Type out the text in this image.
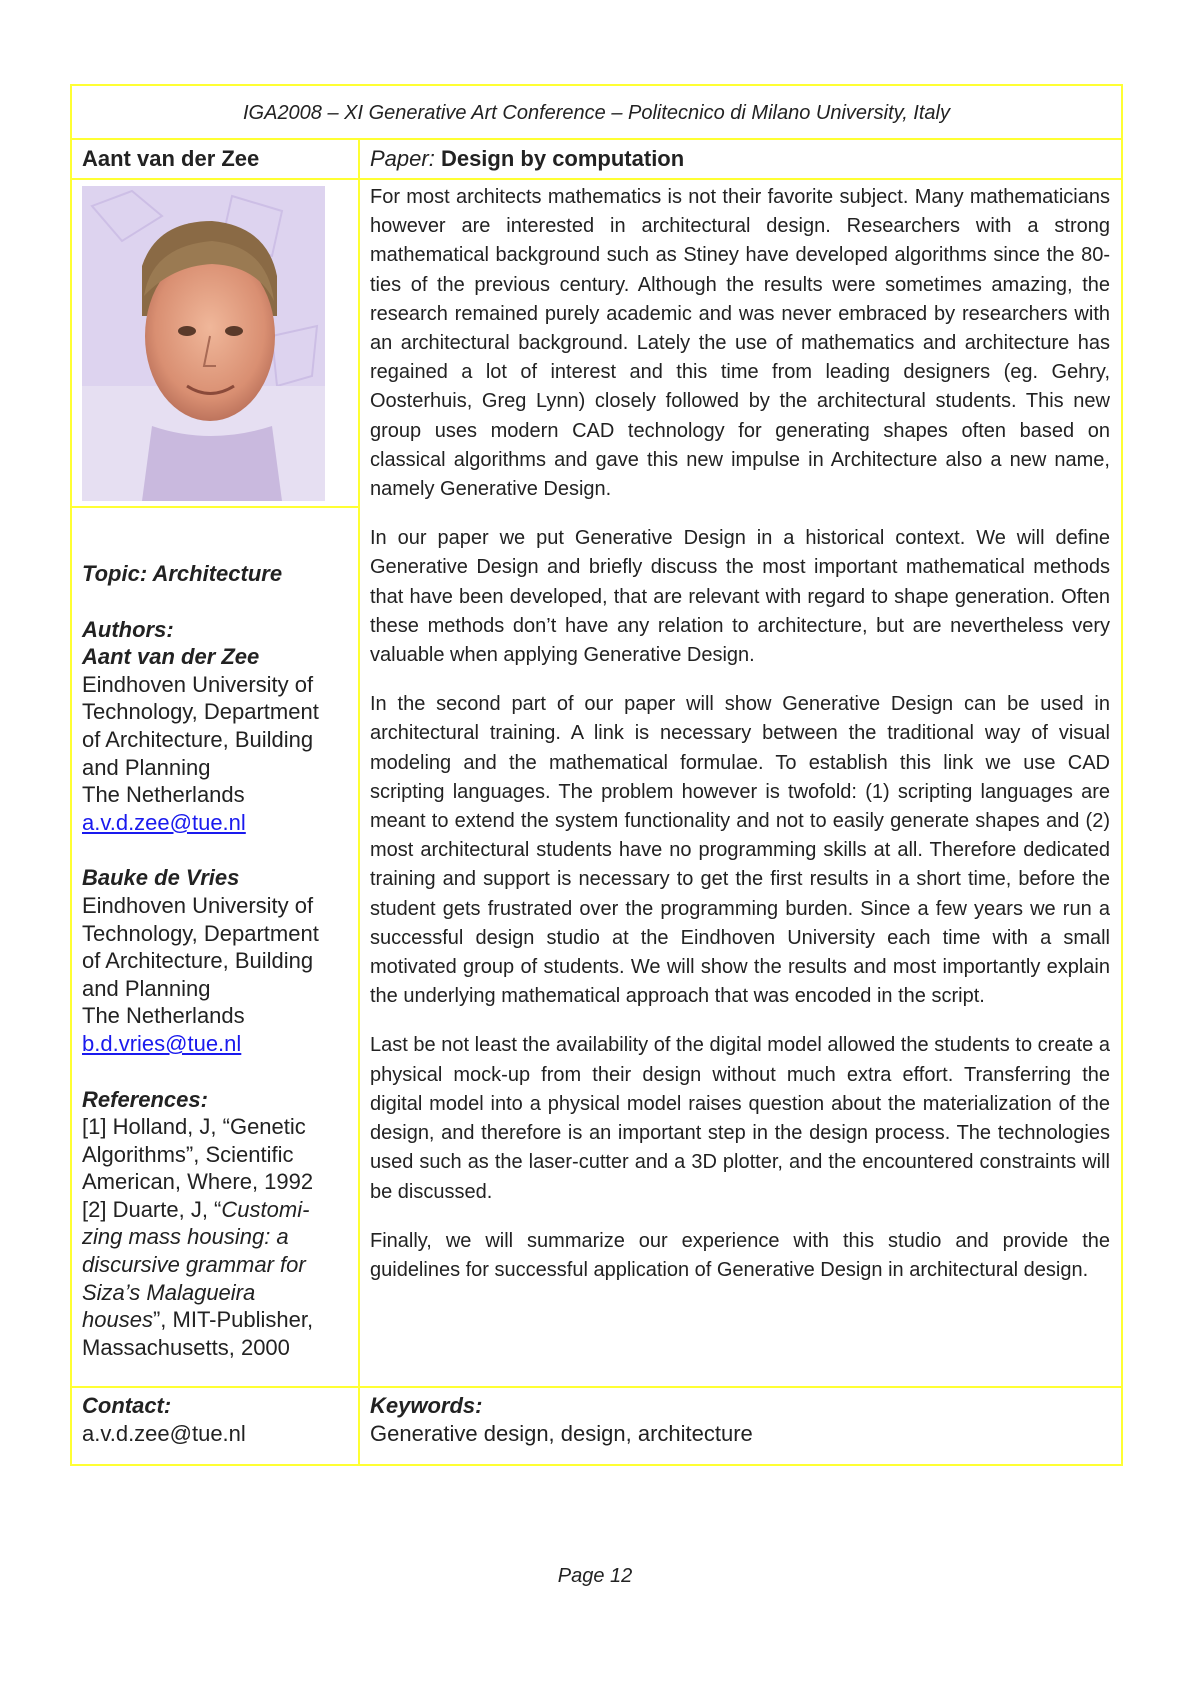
IGA2008 – XI Generative Art Conference – Politecnico di Milano University, Italy
Aant van der Zee	Paper: Design by computation

For most architects mathematics is not their favorite subject. Many mathematicians however are interested in architectural design. Researchers with a strong mathematical background such as Stiney have developed algorithms since the 80-ties of the previous century. Although the results were sometimes amazing, the research remained purely academic and was never embraced by researchers with an architectural background. Lately the use of mathematics and architecture has regained a lot of interest and this time from leading designers (eg. Gehry, Oosterhuis, Greg Lynn) closely followed by the architectural students. This new group uses modern CAD technology for generating shapes often based on classical algorithms and gave this new impulse in Architecture also a new name, namely Generative Design.

In our paper we put Generative Design in a historical context. We will define Generative Design and briefly discuss the most important mathematical methods that have been developed, that are relevant with regard to shape generation. Often these methods don’t have any relation to architecture, but are nevertheless very valuable when applying Generative Design.

In the second part of our paper will show Generative Design can be used in architectural training. A link is necessary between the traditional way of visual modeling and the mathematical formulae. To establish this link we use CAD scripting languages. The problem however is twofold: (1) scripting languages are meant to extend the system functionality and not to easily generate shapes and (2) most architectural students have no programming skills at all. Therefore dedicated training and support is necessary to get the first results in a short time, before the student gets frustrated over the programming burden. Since a few years we run a successful design studio at the Eindhoven University each time with a small motivated group of students. We will show the results and most importantly explain the underlying mathematical approach that was encoded in the script.

Last be not least the availability of the digital model allowed the students to create a physical mock-up from their design without much extra effort. Transferring the digital model into a physical model raises question about the materialization of the design, and therefore is an important step in the design process. The technologies used such as the laser-cutter and a 3D plotter, and the encountered constraints will be discussed.

Finally, we will summarize our experience with this studio and provide the guidelines for successful application of Generative Design in architectural design.

Topic: Architecture
Authors:
Aant van der Zee
Eindhoven University of
Technology, Department
of Architecture, Building
and Planning
The Netherlands
a.v.d.zee@tue.nl
Bauke de Vries
Eindhoven University of
Technology, Department
of Architecture, Building
and Planning
The Netherlands
b.d.vries@tue.nl
References:
[1] Holland, J, “Genetic
Algorithms”, Scientific
American, Where, 1992
[2] Duarte, J, “Customi-
zing mass housing: a
discursive grammar for
Siza’s Malagueira
houses”, MIT-Publisher,
Massachusetts, 2000
Contact:
a.v.d.zee@tue.nl
Keywords:
Generative design, design, architecture
Page 12
